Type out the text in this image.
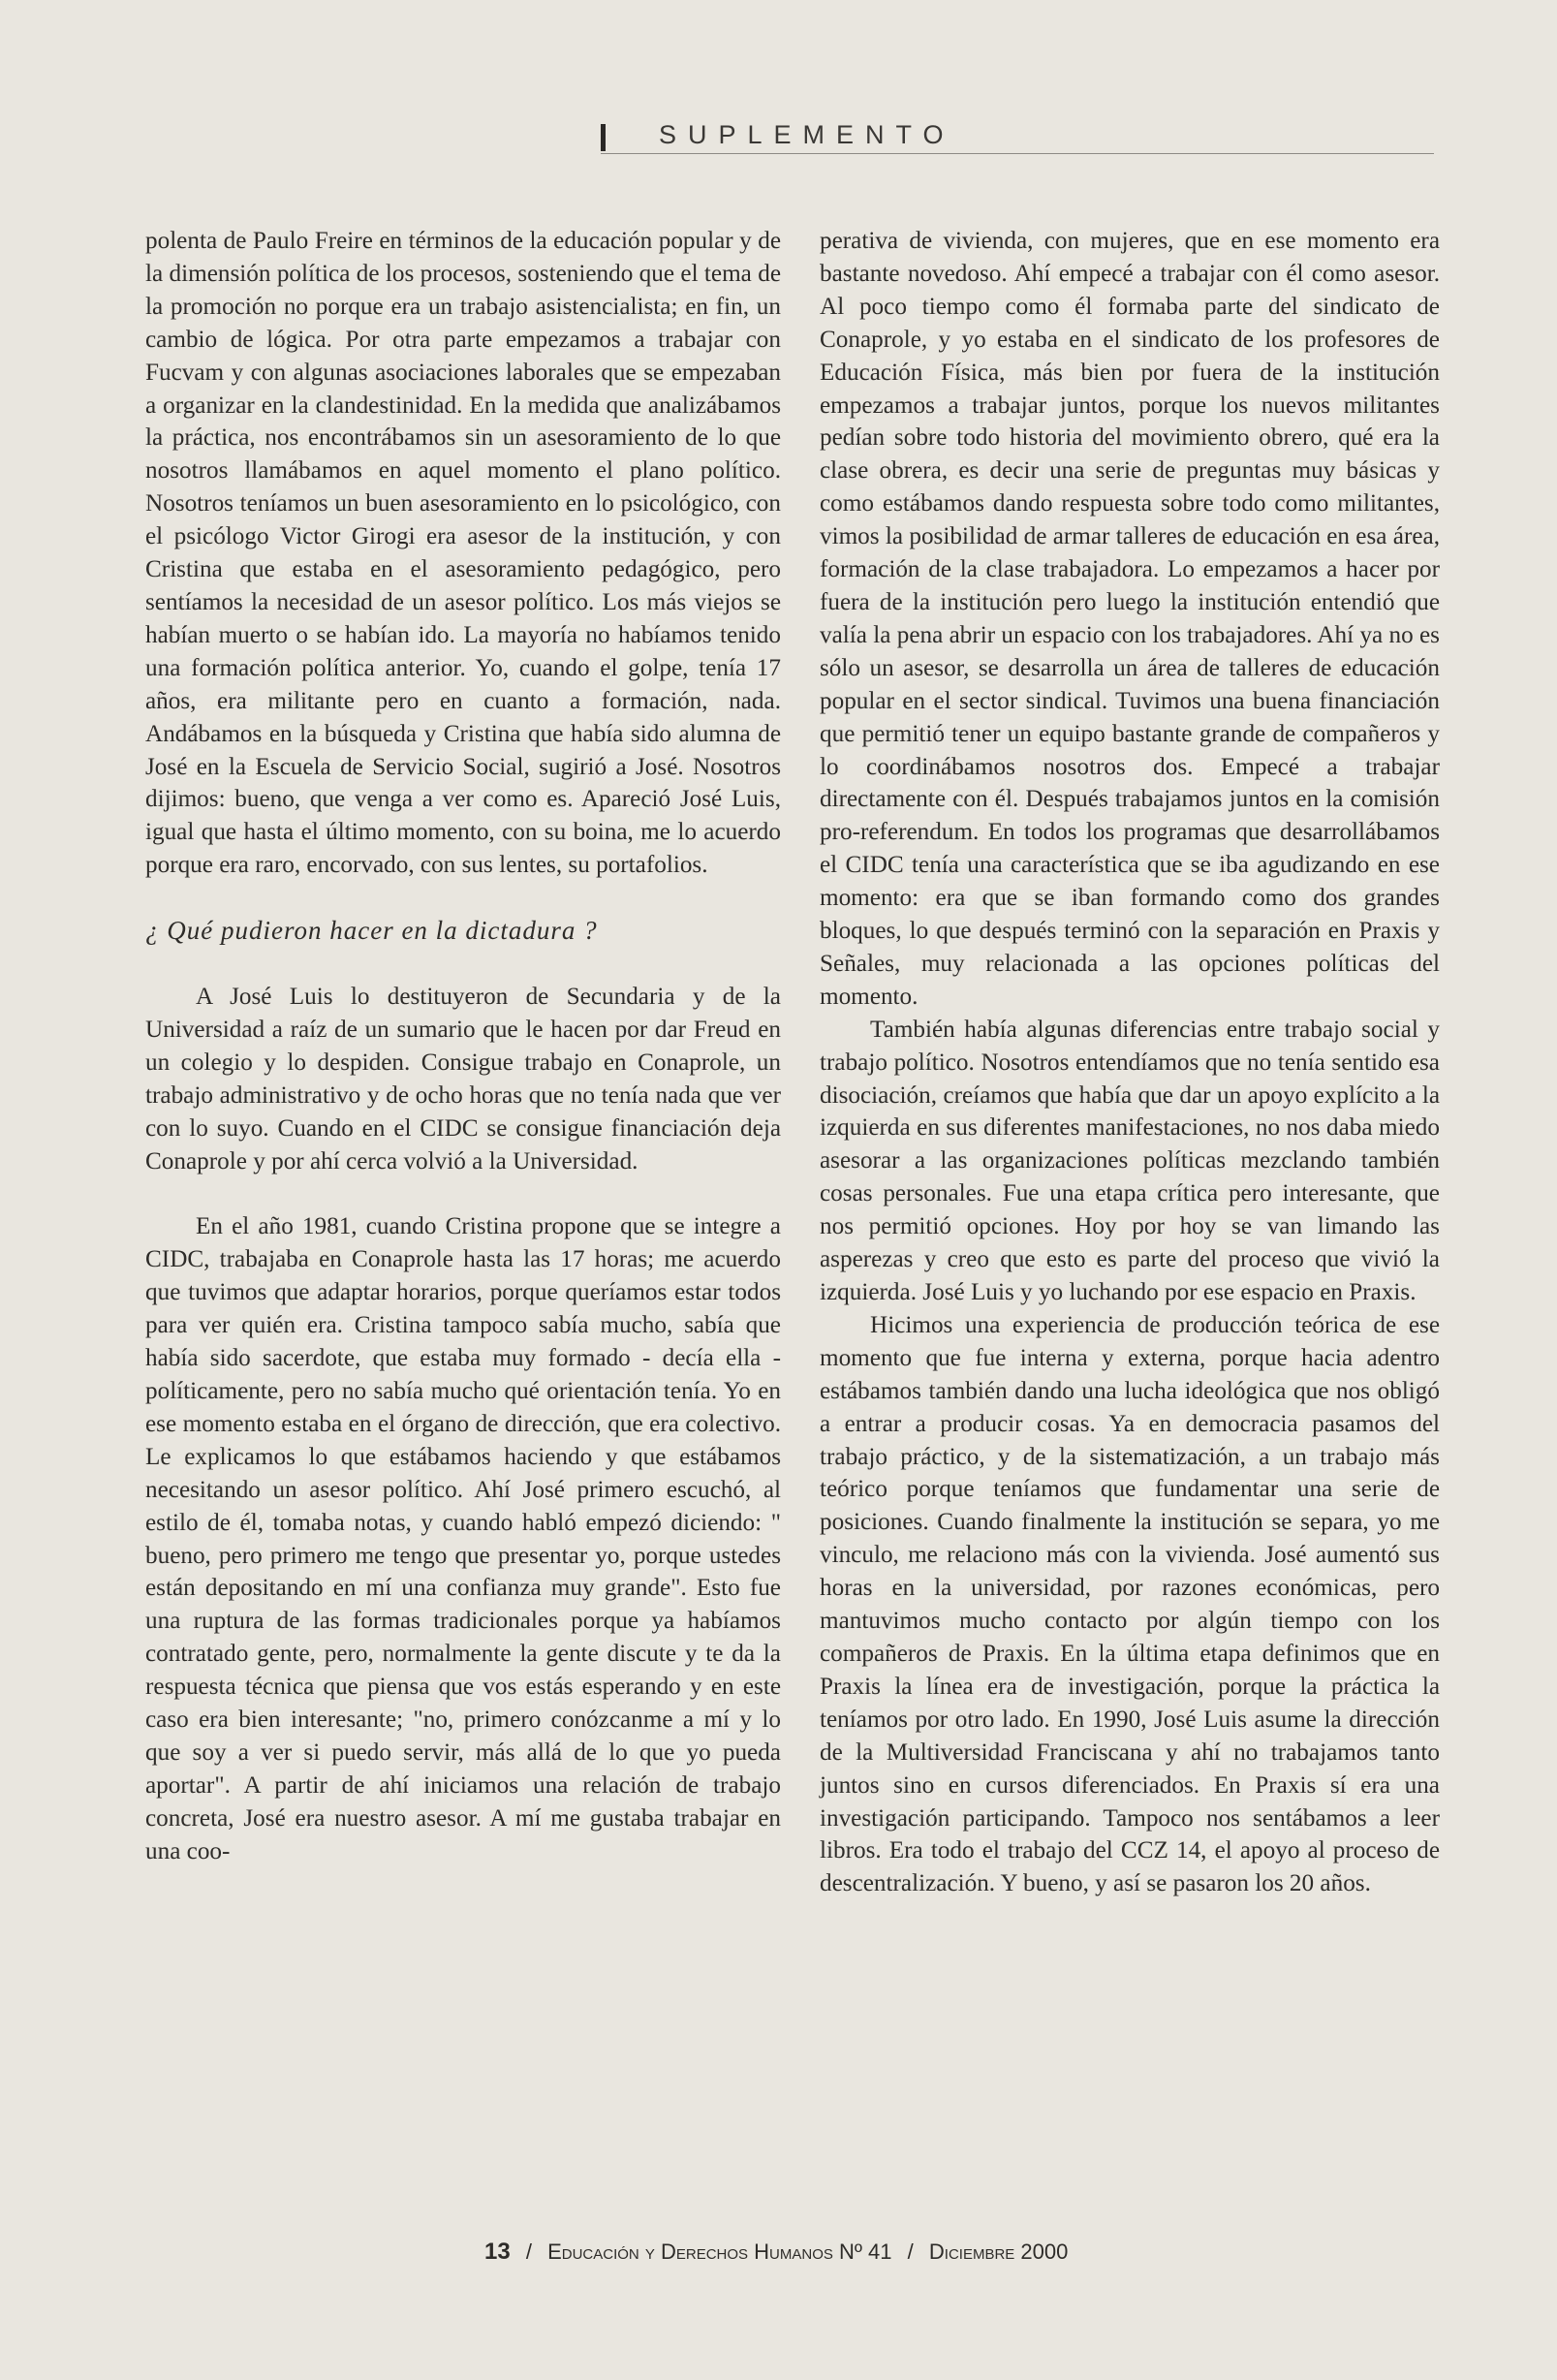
SUPLEMENTO

polenta de Paulo Freire en términos de la educación popular y de la dimensión política de los procesos, sosteniendo que el tema de la promoción no porque era un trabajo asistencialista; en fin, un cambio de lógica. Por otra parte empezamos a trabajar con Fucvam y con algunas asociaciones laborales que se empezaban a organizar en la clandestinidad. En la medida que analizábamos la práctica, nos encontrábamos sin un asesoramiento de lo que nosotros llamábamos en aquel momento el plano político. Nosotros teníamos un buen asesoramiento en lo psicológico, con el psicólogo Victor Girogi era asesor de la institución, y con Cristina que estaba en el asesoramiento pedagógico, pero sentíamos la necesidad de un asesor político. Los más viejos se habían muerto o se habían ido. La mayoría no habíamos tenido una formación política anterior. Yo, cuando el golpe, tenía 17 años, era militante pero en cuanto a formación, nada. Andábamos en la búsqueda y Cristina que había sido alumna de José en la Escuela de Servicio Social, sugirió a José. Nosotros dijimos: bueno, que venga a ver como es. Apareció José Luis, igual que hasta el último momento, con su boina, me lo acuerdo porque era raro, encorvado, con sus lentes, su portafolios.

¿ Qué pudieron hacer en la dictadura ?

A José Luis lo destituyeron de Secundaria y de la Universidad a raíz de un sumario que le hacen por dar Freud en un colegio y lo despiden. Consigue trabajo en Conaprole, un trabajo administrativo y de ocho horas que no tenía nada que ver con lo suyo. Cuando en el CIDC se consigue financiación deja Conaprole y por ahí cerca volvió a la Universidad.

En el año 1981, cuando Cristina propone que se integre a CIDC, trabajaba en Conaprole hasta las 17 horas; me acuerdo que tuvimos que adaptar horarios, porque queríamos estar todos para ver quién era. Cristina tampoco sabía mucho, sabía que había sido sacerdote, que estaba muy formado - decía ella - políticamente, pero no sabía mucho qué orientación tenía. Yo en ese momento estaba en el órgano de dirección, que era colectivo. Le explicamos lo que estábamos haciendo y que estábamos necesitando un asesor político. Ahí José primero escuchó, al estilo de él, tomaba notas, y cuando habló empezó diciendo: " bueno, pero primero me tengo que presentar yo, porque ustedes están depositando en mí una confianza muy grande". Esto fue una ruptura de las formas tradicionales porque ya habíamos contratado gente, pero, normalmente la gente discute y te da la respuesta técnica que piensa que vos estás esperando y en este caso era bien interesante; "no, primero conózcanme a mí y lo que soy a ver si puedo servir, más allá de lo que yo pueda aportar". A partir de ahí iniciamos una relación de trabajo concreta, José era nuestro asesor. A mí me gustaba trabajar en una coo-

perativa de vivienda, con mujeres, que en ese momento era bastante novedoso. Ahí empecé a trabajar con él como asesor. Al poco tiempo como él formaba parte del sindicato de Conaprole, y yo estaba en el sindicato de los profesores de Educación Física, más bien por fuera de la institución empezamos a trabajar juntos, porque los nuevos militantes pedían sobre todo historia del movimiento obrero, qué era la clase obrera, es decir una serie de preguntas muy básicas y como estábamos dando respuesta sobre todo como militantes, vimos la posibilidad de armar talleres de educación en esa área, formación de la clase trabajadora. Lo empezamos a hacer por fuera de la institución pero luego la institución entendió que valía la pena abrir un espacio con los trabajadores. Ahí ya no es sólo un asesor, se desarrolla un área de talleres de educación popular en el sector sindical. Tuvimos una buena financiación que permitió tener un equipo bastante grande de compañeros y lo coordinábamos nosotros dos. Empecé a trabajar directamente con él. Después trabajamos juntos en la comisión pro-referendum. En todos los programas que desarrollábamos el CIDC tenía una característica que se iba agudizando en ese momento: era que se iban formando como dos grandes bloques, lo que después terminó con la separación en Praxis y Señales, muy relacionada a las opciones políticas del momento.

También había algunas diferencias entre trabajo social y trabajo político. Nosotros entendíamos que no tenía sentido esa disociación, creíamos que había que dar un apoyo explícito a la izquierda en sus diferentes manifestaciones, no nos daba miedo asesorar a las organizaciones políticas mezclando también cosas personales. Fue una etapa crítica pero interesante, que nos permitió opciones. Hoy por hoy se van limando las asperezas y creo que esto es parte del proceso que vivió la izquierda. José Luis y yo luchando por ese espacio en Praxis.

Hicimos una experiencia de producción teórica de ese momento que fue interna y externa, porque hacia adentro estábamos también dando una lucha ideológica que nos obligó a entrar a producir cosas. Ya en democracia pasamos del trabajo práctico, y de la sistematización, a un trabajo más teórico porque teníamos que fundamentar una serie de posiciones. Cuando finalmente la institución se separa, yo me vinculo, me relaciono más con la vivienda. José aumentó sus horas en la universidad, por razones económicas, pero mantuvimos mucho contacto por algún tiempo con los compañeros de Praxis. En la última etapa definimos que en Praxis la línea era de investigación, porque la práctica la teníamos por otro lado. En 1990, José Luis asume la dirección de la Multiversidad Franciscana y ahí no trabajamos tanto juntos sino en cursos diferenciados. En Praxis sí era una investigación participando. Tampoco nos sentábamos a leer libros. Era todo el trabajo del CCZ 14, el apoyo al proceso de descentralización. Y bueno, y así se pasaron los 20 años.

13 / Educación y Derechos Humanos Nº 41 / Diciembre 2000
